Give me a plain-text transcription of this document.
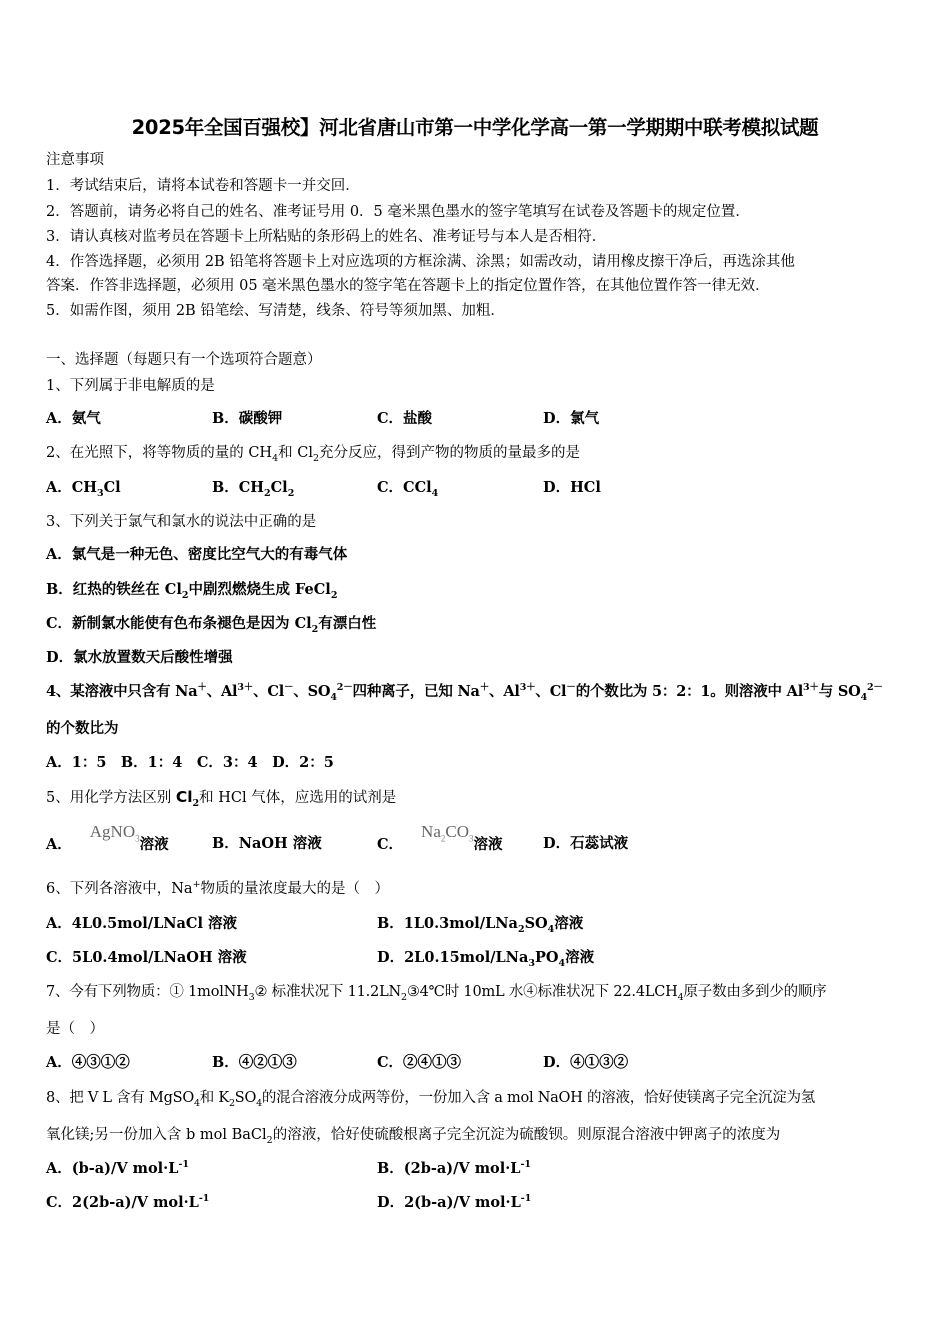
2025年全国百强校】河北省唐山市第一中学化学高一第一学期期中联考模拟试题
注意事项
1．考试结束后，请将本试卷和答题卡一并交回．
2．答题前，请务必将自己的姓名、准考证号用 0．5 毫米黑色墨水的签字笔填写在试卷及答题卡的规定位置．
3．请认真核对监考员在答题卡上所粘贴的条形码上的姓名、准考证号与本人是否相符．
4．作答选择题，必须用 2B 铅笔将答题卡上对应选项的方框涂满、涂黑；如需改动，请用橡皮擦干净后，再选涂其他
答案．作答非选择题，必须用 05 毫米黑色墨水的签字笔在答题卡上的指定位置作答，在其他位置作答一律无效．
5．如需作图，须用 2B 铅笔绘、写清楚，线条、符号等须加黑、加粗．
一、选择题（每题只有一个选项符合题意）
1、下列属于非电解质的是
A．氨气	B．碳酸钾	C．盐酸	D．氯气
2、在光照下，将等物质的量的 $CH_4$和 $Cl_2$充分反应，得到产物的物质的量最多的是
A．$CH_3Cl$	B．$CH_2Cl_2$	C．CCl$_4$	D．HCl
3、下列关于氯气和氯水的说法中正确的是
A．氯气是一种无色、密度比空气大的有毒气体
B．红热的铁丝在 $Cl_2$中剧烈燃烧生成 FeCl$_2$
C．新制氯水能使有色布条褪色是因为 $Cl_2$有漂白性
D．氯水放置数天后酸性增强
4、某溶液中只含有 Na＋、$Al^{3+}$、Cl－、$SO_4^{2-}$四种离子，已知 Na＋、$Al^{3+}$、Cl－的个数比为 5：2：1。则溶液中 $Al^{3+}$与 $SO_4^{2-}$
的个数比为
A．1：5　B．1：4　C．3：4　D．2：5
5、用化学方法区别 $Cl_2$和 HCl 气体，应选用的试剂是
A．AgNO$_3$溶液	B．NaOH 溶液	C．$Na_2CO_3$溶液	D．石蕊试液
6、下列各溶液中，Na+物质的量浓度最大的是（　）
A．4L0.5mol/LNaCl 溶液	B．$1L0.3mol/LNa_2SO_4$溶液
C．5L0.4mol/LNaOH 溶液	D．$2L0.15mol/LNa_3PO_4$溶液
7、今有下列物质：① 1molNH$_3$② 标准状况下 $11.2LN_2③4℃$时 10mL 水④标准状况下 $22.4LCH_4$原子数由多到少的顺序
是（　）
A．④③①②	B．④②①③	C．②④①③	D．④①③②
8、把 V L 含有 MgSO$_4$和 $K_2SO_4$的混合溶液分成两等份，一份加入含 a mol NaOH 的溶液，恰好使镁离子完全沉淀为氢
氧化镁;另一份加入含 b mol BaCl$_2$的溶液，恰好使硫酸根离子完全沉淀为硫酸钡。则原混合溶液中钾离子的浓度为
A．(b-a)/V $mol\cdot L^{-1}$	B．(2b-a)/V $mol\cdot L^{-1}$
C．2(2b-a)/V $mol\cdot L^{-1}$	D．2(b-a)/V $mol\cdot L^{-1}$
